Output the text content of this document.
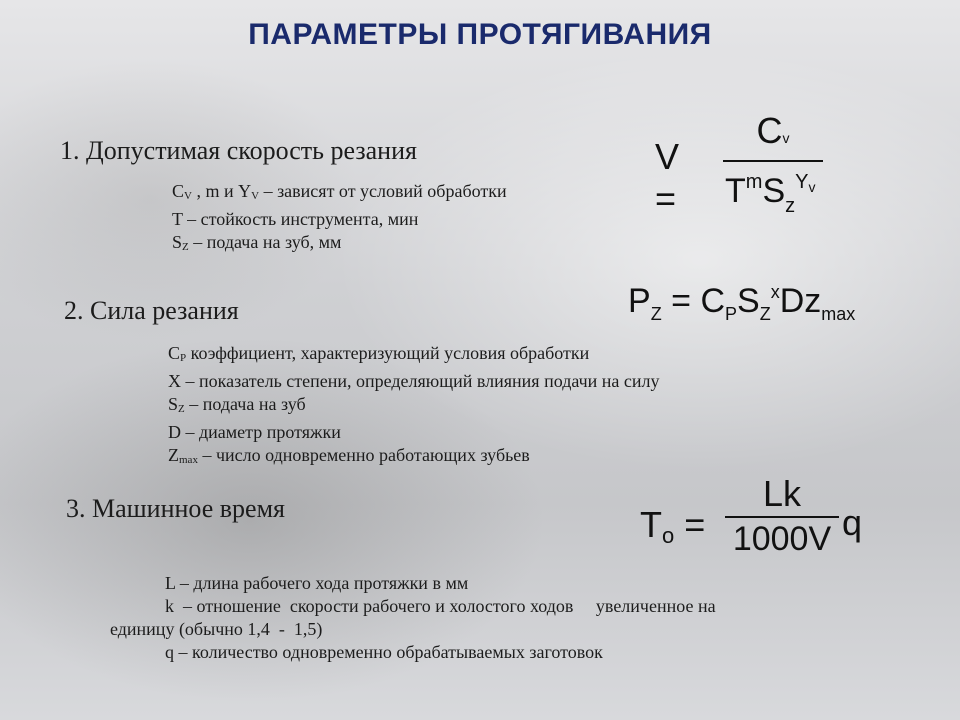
ПАРАМЕТРЫ ПРОТЯГИВАНИЯ
1. Допустимая скорость резания
CV , m и YV – зависят от условий обработки
T – стойкость инструмента, мин
SZ – подача на зуб, мм
V =
Cv
$T^mS_z^{Yv}$
2. Сила резания
CP коэффициент, характеризующий условия обработки
X – показатель степени, определяющий влияния подачи на силу
SZ – подача на зуб
D – диаметр протяжки
Zmax – число одновременно работающих зубьев
$P_Z = C_PS_Z^xDz_{max}$
3. Машинное время
L – длина рабочего хода протяжки в мм
k  – отношение  скорости рабочего и холостого ходов     увеличенное на
единицу (обычно 1,4  -  1,5)
q – количество одновременно обрабатываемых заготовок
To =
Lk
1000V q
